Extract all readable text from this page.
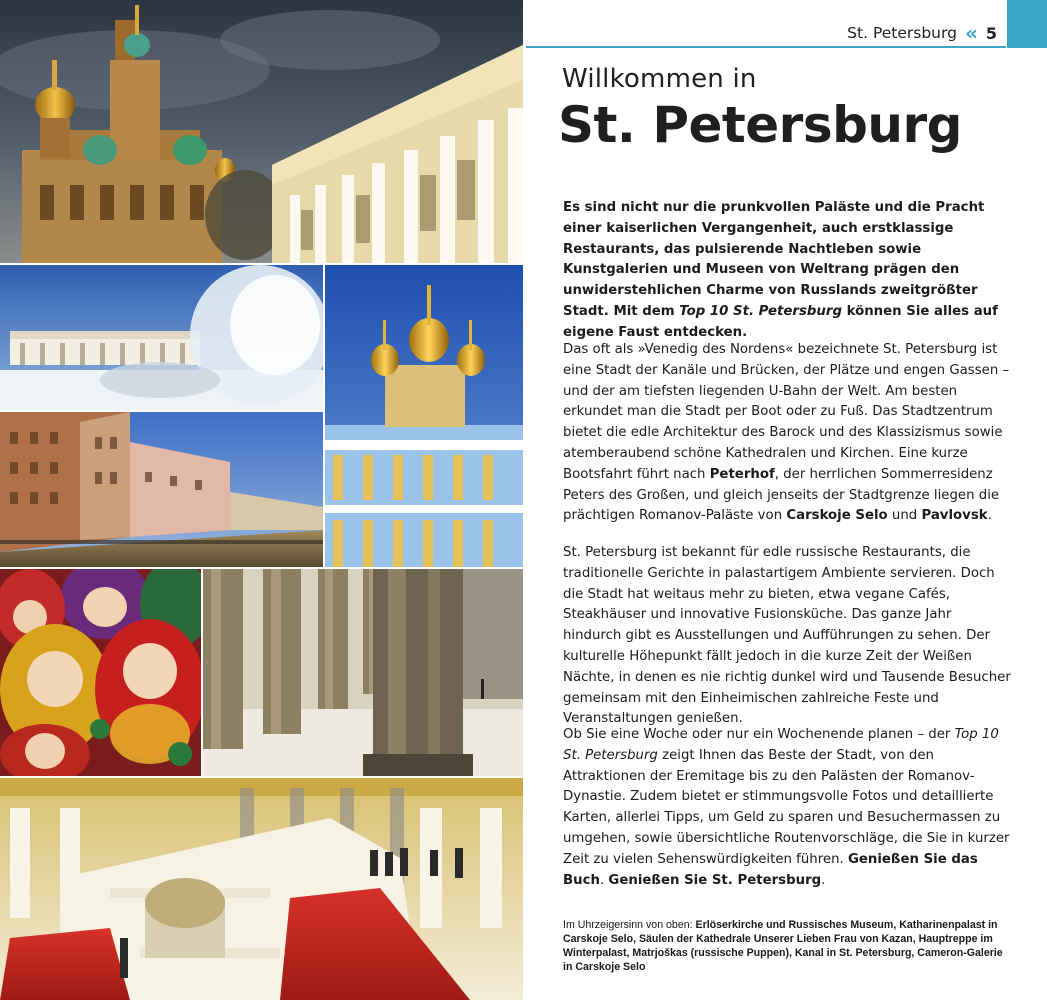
St. Petersburg « 5
Willkommen in
St. Petersburg

Es sind nicht nur die prunkvollen Paläste und die Pracht einer kaiserlichen Vergangenheit, auch erstklassige Restaurants, das pulsierende Nachtleben sowie Kunstgalerien und Museen von Weltrang prägen den unwiderstehlichen Charme von Russlands zweitgrößter Stadt. Mit dem Top 10 St. Petersburg können Sie alles auf eigene Faust entdecken.

Das oft als »Venedig des Nordens« bezeichnete St. Petersburg ist eine Stadt der Kanäle und Brücken, der Plätze und engen Gassen – und der am tiefsten liegenden U-Bahn der Welt. Am besten erkundet man die Stadt per Boot oder zu Fuß. Das Stadtzentrum bietet die edle Architektur des Barock und des Klassizismus sowie atemberaubend schöne Kathedralen und Kirchen. Eine kurze Bootsfahrt führt nach Peterhof, der herrlichen Sommerresidenz Peters des Großen, und gleich jenseits der Stadtgrenze liegen die prächtigen Romanov-Paläste von Carskoje Selo und Pavlovsk.

St. Petersburg ist bekannt für edle russische Restaurants, die traditionelle Gerichte in palastartigem Ambiente servieren. Doch die Stadt hat weitaus mehr zu bieten, etwa vegane Cafés, Steakhäuser und innovative Fusionsküche. Das ganze Jahr hindurch gibt es Ausstellungen und Aufführungen zu sehen. Der kulturelle Höhepunkt fällt jedoch in die kurze Zeit der Weißen Nächte, in denen es nie richtig dunkel wird und Tausende Besucher gemeinsam mit den Einheimischen zahlreiche Feste und Veranstaltungen genießen.

Ob Sie eine Woche oder nur ein Wochenende planen – der Top 10 St. Petersburg zeigt Ihnen das Beste der Stadt, von den Attraktionen der Eremitage bis zu den Palästen der Romanov-Dynastie. Zudem bietet er stimmungsvolle Fotos und detaillierte Karten, allerlei Tipps, um Geld zu sparen und Besuchermassen zu umgehen, sowie übersichtliche Routenvorschläge, die Sie in kurzer Zeit zu vielen Sehenswürdigkeiten führen. Genießen Sie das Buch. Genießen Sie St. Petersburg.

Im Uhrzeigersinn von oben: Erlöserkirche und Russisches Museum, Katharinenpalast in Carskoje Selo, Säulen der Kathedrale Unserer Lieben Frau von Kazan, Hauptreppe im Winterpalast, Matrjoškas (russische Puppen), Kanal in St. Petersburg, Cameron-Galerie in Carskoje Selo
